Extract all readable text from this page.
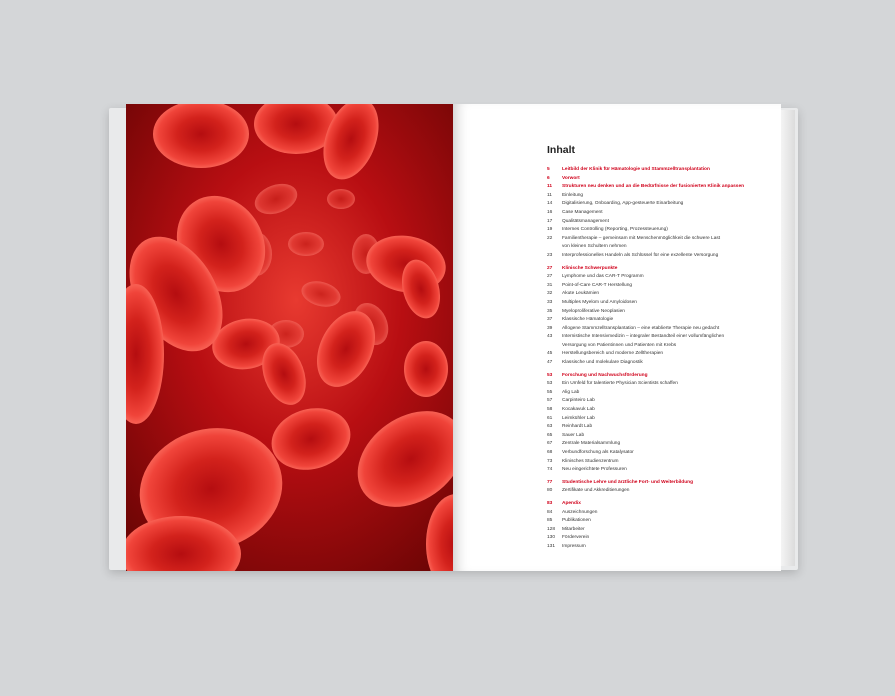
Inhalt
5	Leitbild der Klinik für Hämatologie und Stammzelltransplantation
6	Vorwort
11	Strukturen neu denken und an die Bedürfnisse der fusionierten Klinik anpassen
11	Einleitung
14	Digitalisierung, Onboarding, App-gesteuerte Einarbeitung
16	Case Management
17	Qualitätsmanagement
19	Internes Controlling (Reporting, Prozessteuerung)
22	Familientherapie – gemeinsam mit Menschenmöglichkeit die schwere Last
von kleinen Schultern nehmen
23	Interprofessionelles Handeln als Schlüssel für eine exzellente Versorgung
27	Klinische Schwerpunkte
27	Lymphome und das CAR-T Programm
31	Point-of-Care CAR-T Herstellung
32	Akute Leukämien
33	Multiples Myelom und Amyloidosen
35	Myeloproliferative Neoplasien
37	Klassische Hämatologie
39	Allogene Stammzelltransplantation – eine etablierte Therapie neu gedacht
43	Internistische Intensivmedizin – integraler Bestandteil einer vollumfänglichen
Versorgung von Patientinnen und Patienten mit Krebs
45	Herstellungsbereich und moderne Zelltherapien
47	Klassische und molekulare Diagnostik
53	Forschung und Nachwuchsförderung
53	Ein Umfeld für talentierte Physician Scientists schaffen
55	Alig Lab
57	Carpinteiro Lab
58	Kocakavuk Lab
61	Leimkühler Lab
63	Reinhardt Lab
65	Sauer Lab
67	Zentrale Materialsammlung
68	Verbundforschung als Katalysator
73	Klinisches Studienzentrum
74	Neu eingerichtete Professuren
77	Studentische Lehre und ärztliche Fort- und Weiterbildung
80	Zertifikate und Akkreditierungen
83	Apendix
84	Auszeichnungen
85	Publikationen
128	Mitarbeiter
130	Förderverein
131	Impressum
